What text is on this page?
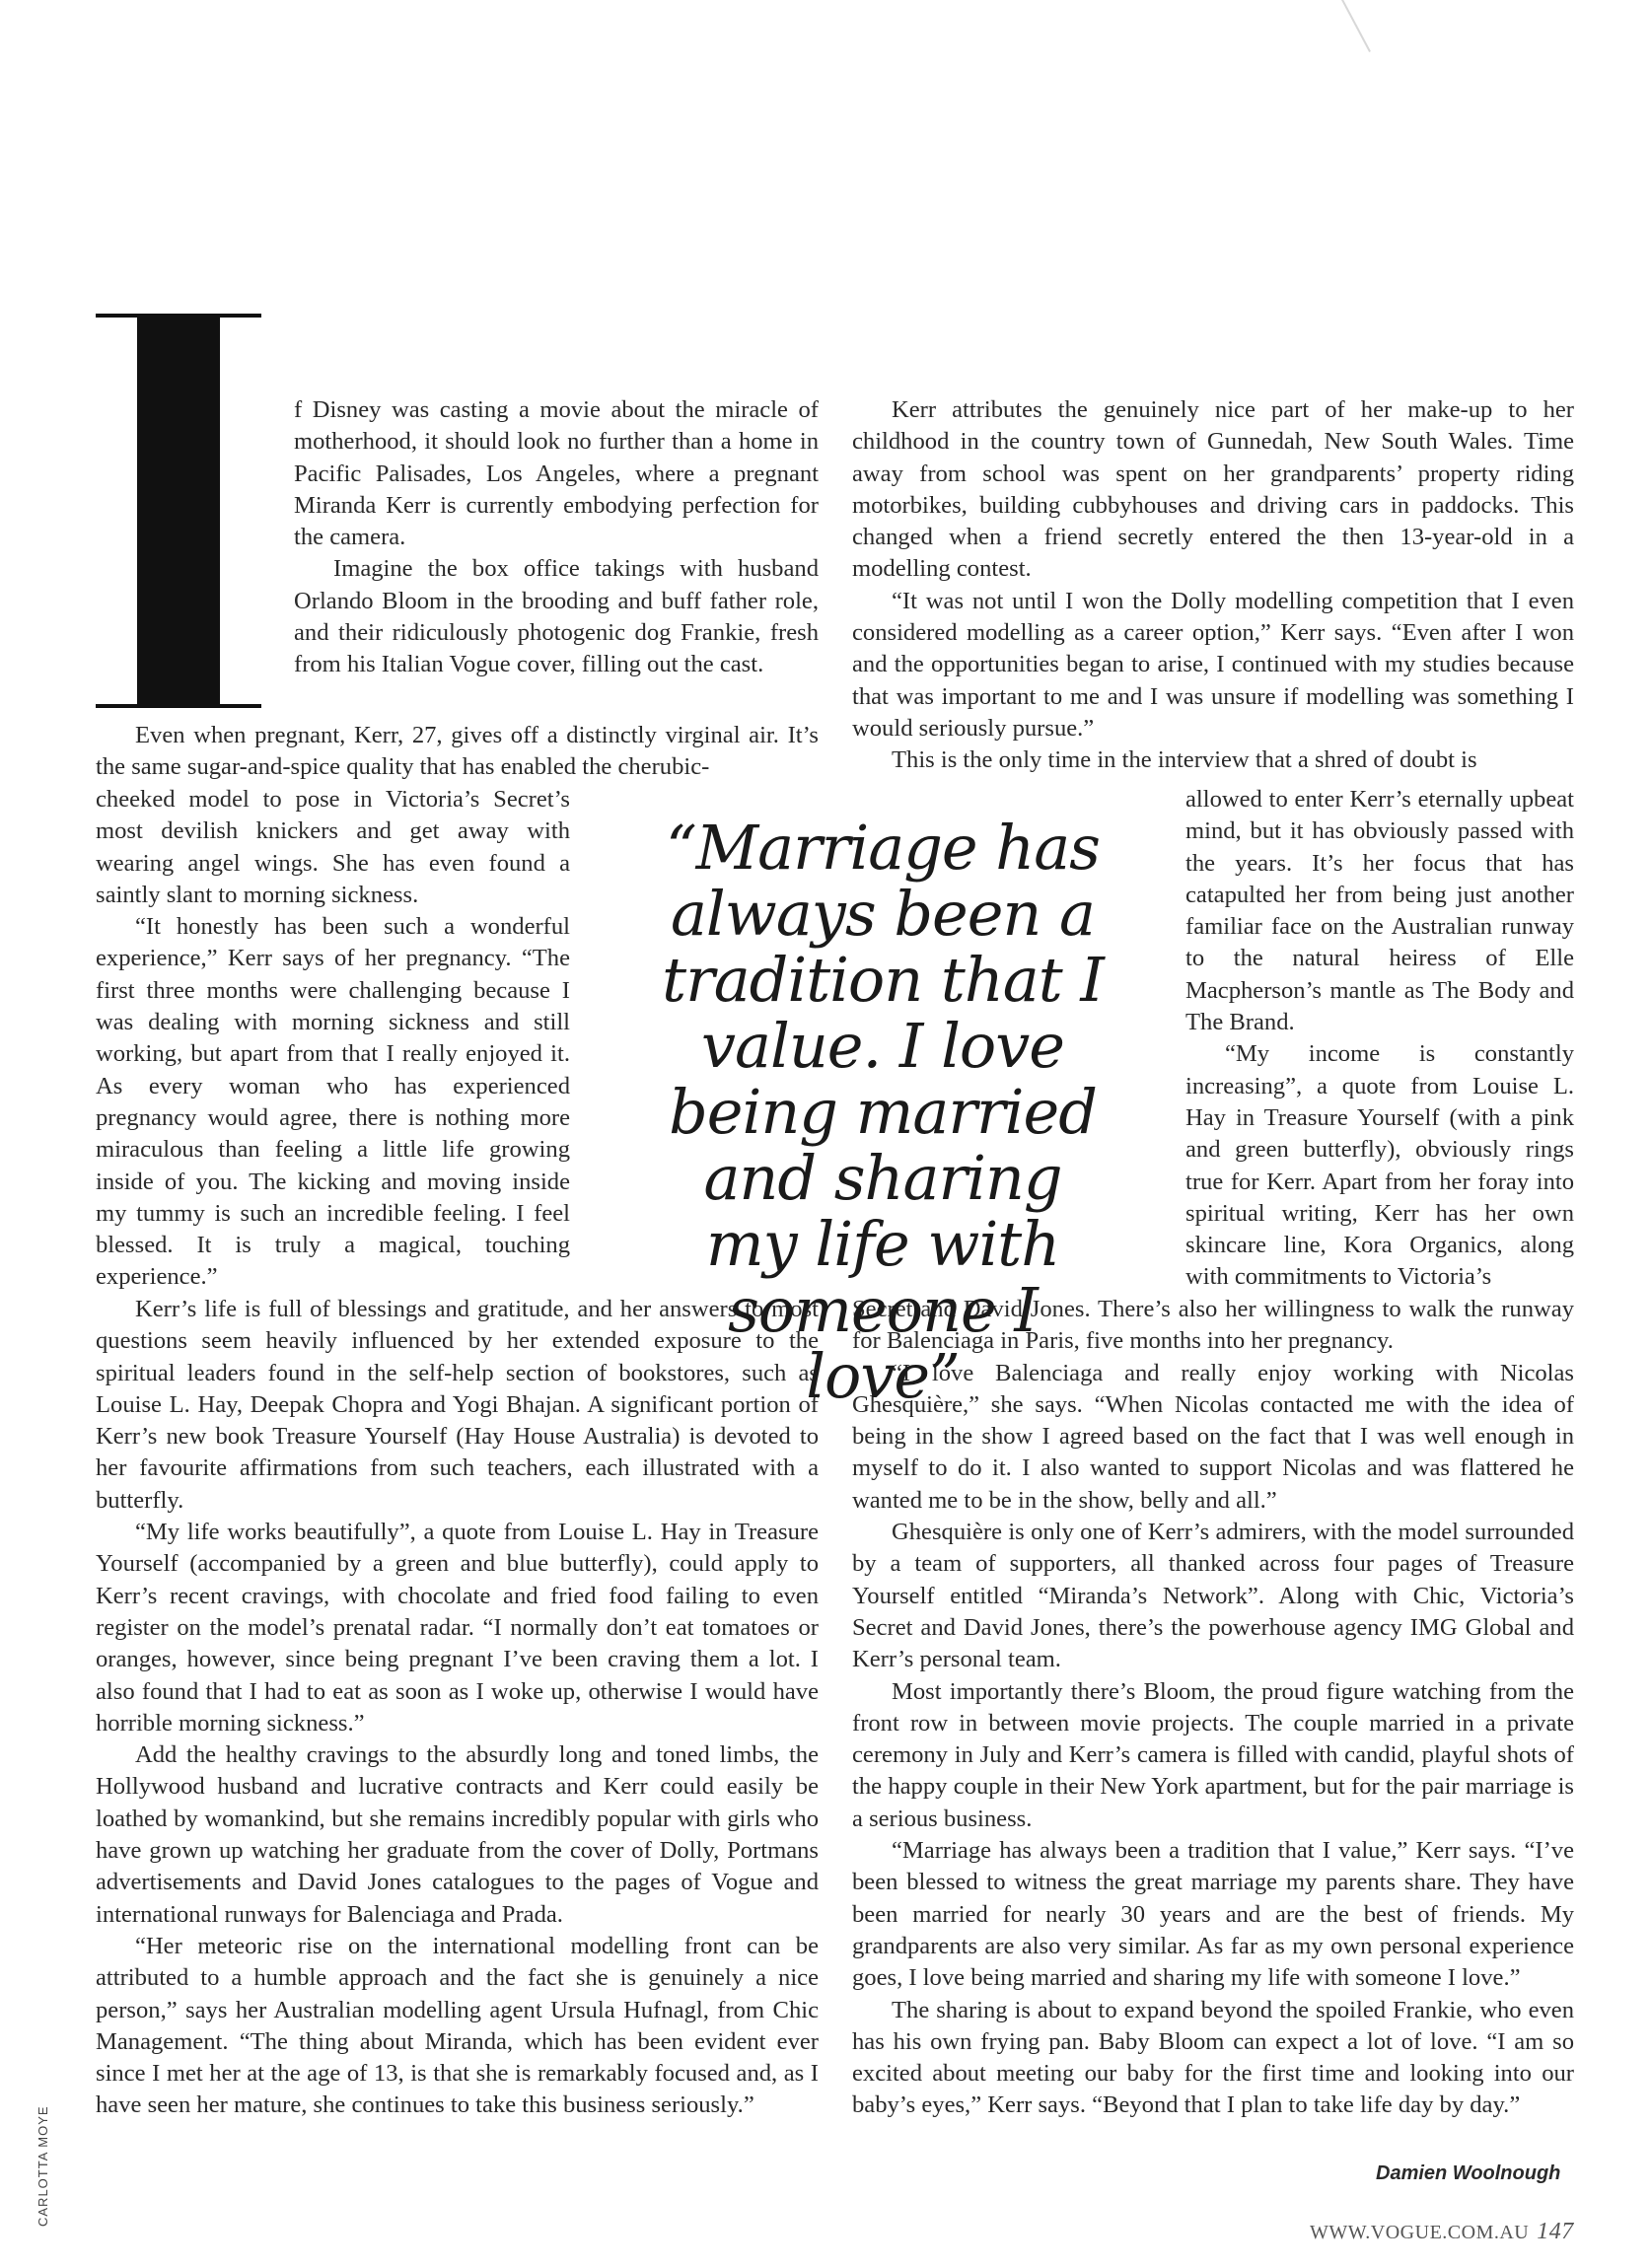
f Disney was casting a movie about the miracle of motherhood, it should look no further than a home in Pacific Palisades, Los Angeles, where a pregnant Miranda Kerr is currently embodying perfection for the camera.

Imagine the box office takings with husband Orlando Bloom in the brooding and buff father role, and their ridiculously photogenic dog Frankie, fresh from his Italian Vogue cover, filling out the cast.

Even when pregnant, Kerr, 27, gives off a distinctly virginal air. It’s the same sugar-and-spice quality that has enabled the cherubic-

cheeked model to pose in Victoria’s Secret’s most devilish knickers and get away with wearing angel wings. She has even found a saintly slant to morning sickness.

“It honestly has been such a wonderful experience,” Kerr says of her pregnancy. “The first three months were challenging because I was dealing with morning sickness and still working, but apart from that I really enjoyed it. As every woman who has experienced pregnancy would agree, there is nothing more miraculous than feeling a little life growing inside of you. The kicking and moving inside my tummy is such an incredible feeling. I feel blessed. It is truly a magical, touching experience.”

Kerr’s life is full of blessings and gratitude, and her answers to most questions seem heavily influenced by her extended exposure to the spiritual leaders found in the self-help section of bookstores, such as Louise L. Hay, Deepak Chopra and Yogi Bhajan. A significant portion of Kerr’s new book Treasure Yourself (Hay House Australia) is devoted to her favourite affirmations from such teachers, each illustrated with a butterfly.

“My life works beautifully”, a quote from Louise L. Hay in Treasure Yourself (accompanied by a green and blue butterfly), could apply to Kerr’s recent cravings, with chocolate and fried food failing to even register on the model’s prenatal radar. “I normally don’t eat tomatoes or oranges, however, since being pregnant I’ve been craving them a lot. I also found that I had to eat as soon as I woke up, otherwise I would have horrible morning sickness.”

Add the healthy cravings to the absurdly long and toned limbs, the Hollywood husband and lucrative contracts and Kerr could easily be loathed by womankind, but she remains incredibly popular with girls who have grown up watching her graduate from the cover of Dolly, Portmans advertisements and David Jones catalogues to the pages of Vogue and international runways for Balenciaga and Prada.

“Her meteoric rise on the international modelling front can be attributed to a humble approach and the fact she is genuinely a nice person,” says her Australian modelling agent Ursula Hufnagl, from Chic Management. “The thing about Miranda, which has been evident ever since I met her at the age of 13, is that she is remarkably focused and, as I have seen her mature, she continues to take this business seriously.”

Kerr attributes the genuinely nice part of her make-up to her childhood in the country town of Gunnedah, New South Wales. Time away from school was spent on her grandparents’ property riding motorbikes, building cubbyhouses and driving cars in paddocks. This changed when a friend secretly entered the then 13-year-old in a modelling contest.

“It was not until I won the Dolly modelling competition that I even considered modelling as a career option,” Kerr says. “Even after I won and the opportunities began to arise, I continued with my studies because that was important to me and I was unsure if modelling was something I would seriously pursue.”

This is the only time in the interview that a shred of doubt is

allowed to enter Kerr’s eternally upbeat mind, but it has obviously passed with the years. It’s her focus that has catapulted her from being just another familiar face on the Australian runway to the natural heiress of Elle Macpherson’s mantle as The Body and The Brand.

“My income is constantly increasing”, a quote from Louise L. Hay in Treasure Yourself (with a pink and green butterfly), obviously rings true for Kerr. Apart from her foray into spiritual writing, Kerr has her own skincare line, Kora Organics, along with commitments to Victoria’s

Secret and David Jones. There’s also her willingness to walk the runway for Balenciaga in Paris, five months into her pregnancy.

“I love Balenciaga and really enjoy working with Nicolas Ghesquière,” she says. “When Nicolas contacted me with the idea of being in the show I agreed based on the fact that I was well enough in myself to do it. I also wanted to support Nicolas and was flattered he wanted me to be in the show, belly and all.”

Ghesquière is only one of Kerr’s admirers, with the model surrounded by a team of supporters, all thanked across four pages of Treasure Yourself entitled “Miranda’s Network”. Along with Chic, Victoria’s Secret and David Jones, there’s the powerhouse agency IMG Global and Kerr’s personal team.

Most importantly there’s Bloom, the proud figure watching from the front row in between movie projects. The couple married in a private ceremony in July and Kerr’s camera is filled with candid, playful shots of the happy couple in their New York apartment, but for the pair marriage is a serious business.

“Marriage has always been a tradition that I value,” Kerr says. “I’ve been blessed to witness the great marriage my parents share. They have been married for nearly 30 years and are the best of friends. My grandparents are also very similar. As far as my own personal experience goes, I love being married and sharing my life with someone I love.”

The sharing is about to expand beyond the spoiled Frankie, who even has his own frying pan. Baby Bloom can expect a lot of love. “I am so excited about meeting our baby for the first time and looking into our baby’s eyes,” Kerr says. “Beyond that I plan to take life day by day.”

“Marriage has always been a tradition that I value. I love being married and sharing my life with someone I love”
CARLOTTA MOYE	Damien Woolnough
WWW.VOGUE.COM.AU 147
